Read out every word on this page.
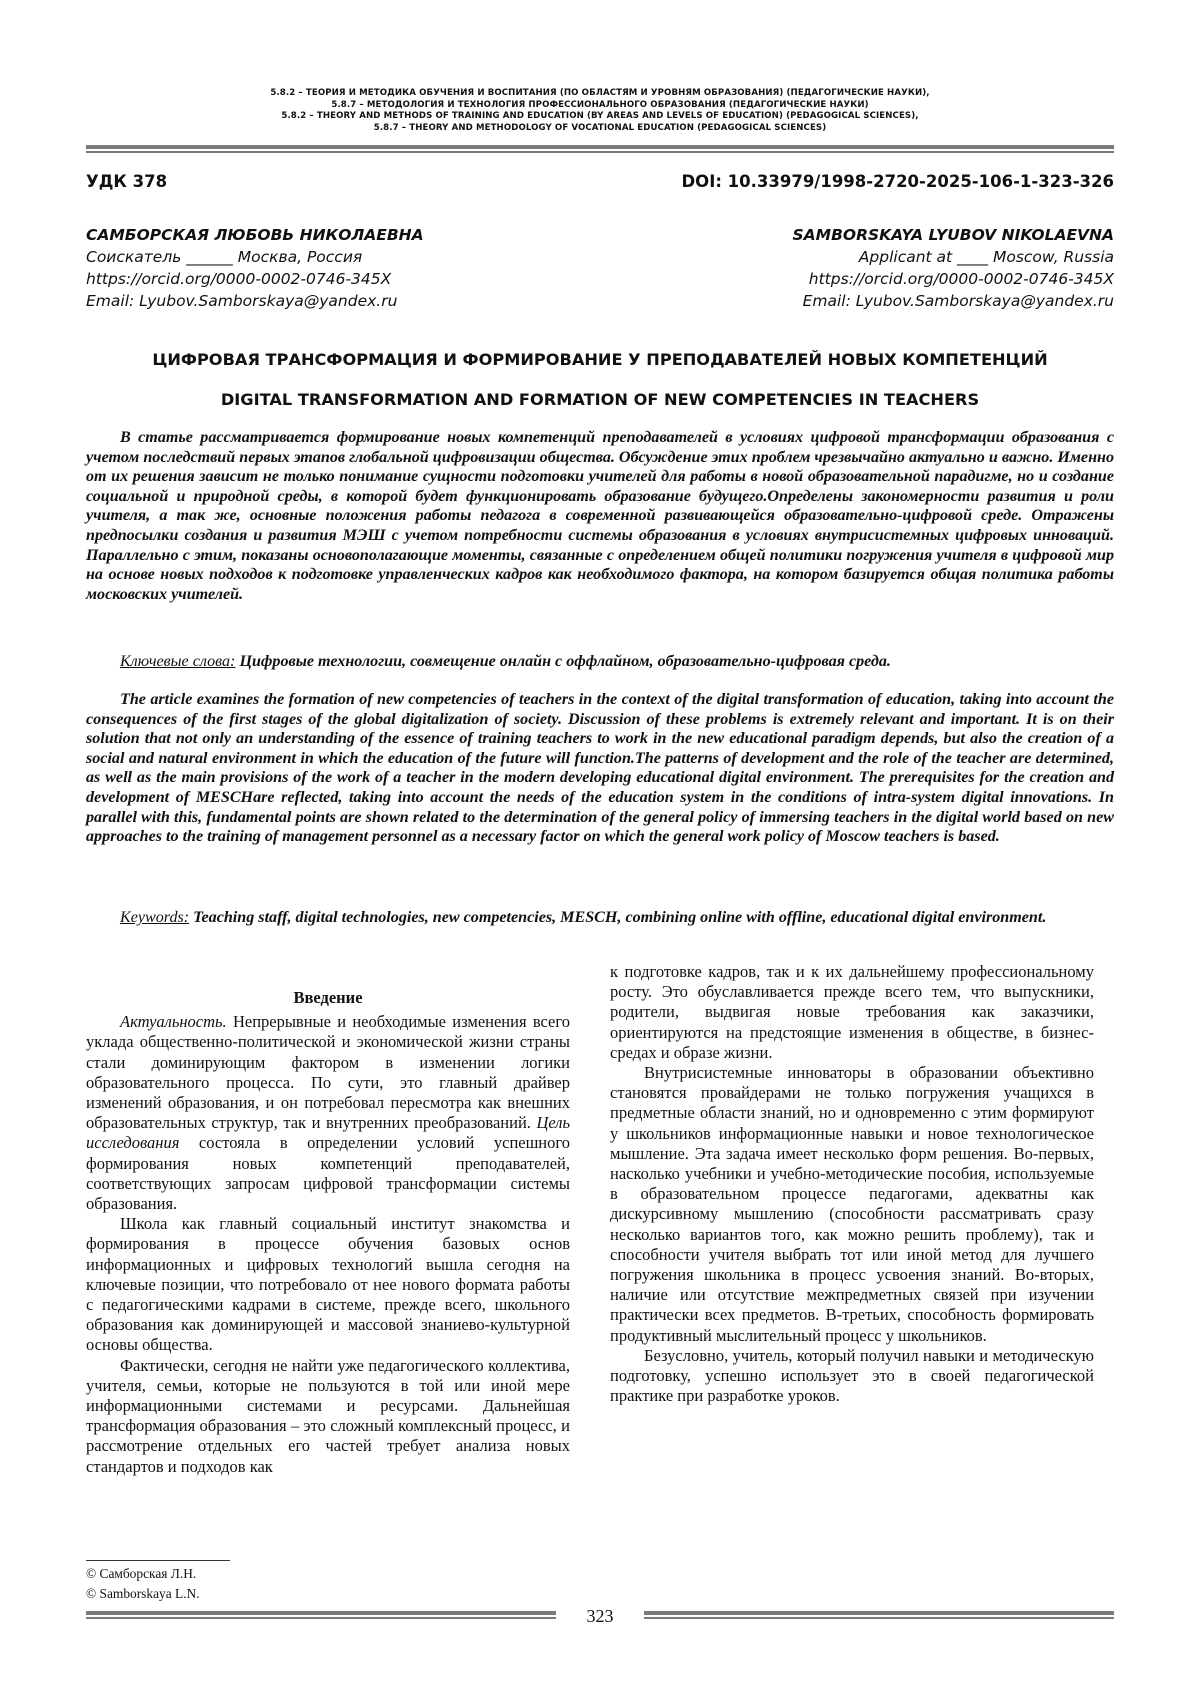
5.8.2 – ТЕОРИЯ И МЕТОДИКА ОБУЧЕНИЯ И ВОСПИТАНИЯ (ПО ОБЛАСТЯМ И УРОВНЯМ ОБРАЗОВАНИЯ) (ПЕДАГОГИЧЕСКИЕ НАУКИ),
5.8.7 – МЕТОДОЛОГИЯ И ТЕХНОЛОГИЯ ПРОФЕССИОНАЛЬНОГО ОБРАЗОВАНИЯ (ПЕДАГОГИЧЕСКИЕ НАУКИ)
5.8.2 – THEORY AND METHODS OF TRAINING AND EDUCATION (BY AREAS AND LEVELS OF EDUCATION) (PEDAGOGICAL SCIENCES),
5.8.7 – THEORY AND METHODOLOGY OF VOCATIONAL EDUCATION (PEDAGOGICAL SCIENCES)
УДК 378	DOI: 10.33979/1998-2720-2025-106-1-323-326
САМБОРСКАЯ ЛЮБОВЬ НИКОЛАЕВНА
Соискатель ______ Москва, Россия
https://orcid.org/0000-0002-0746-345X
Email: Lyubov.Samborskaya@yandex.ru
SAMBORSKAYA LYUBOV NIKOLAEVNA
Applicant at ____ Moscow, Russia
https://orcid.org/0000-0002-0746-345X
Email: Lyubov.Samborskaya@yandex.ru
ЦИФРОВАЯ ТРАНСФОРМАЦИЯ И ФОРМИРОВАНИЕ У ПРЕПОДАВАТЕЛЕЙ НОВЫХ КОМПЕТЕНЦИЙ
DIGITAL TRANSFORMATION AND FORMATION OF NEW COMPETENCIES IN TEACHERS

В статье рассматривается формирование новых компетенций преподавателей в условиях цифровой трансформации образования с учетом последствий первых этапов глобальной цифровизации общества. Обсуждение этих проблем чрезвычайно актуально и важно. Именно от их решения зависит не только понимание сущности подготовки учителей для работы в новой образовательной парадигме, но и создание социальной и природной среды, в которой будет функционировать образование будущего.Определены закономерности развития и роли учителя, а так же, основные положения работы педагога в современной развивающейся образовательно-цифровой среде. Отражены предпосылки создания и развития МЭШ с учетом потребности системы образования в условиях внутрисистемных цифровых инноваций. Параллельно с этим, показаны основополагающие моменты, связанные с определением общей политики погружения учителя в цифровой мир на основе новых подходов к подготовке управленческих кадров как необходимого фактора, на котором базируется общая политика работы московских учителей.

Ключевые слова: Цифровые технологии, совмещение онлайн с оффлайном, образовательно-цифровая среда.

The article examines the formation of new competencies of teachers in the context of the digital transformation of education, taking into account the consequences of the first stages of the global digitalization of society. Discussion of these problems is extremely relevant and important. It is on their solution that not only an understanding of the essence of training teachers to work in the new educational paradigm depends, but also the creation of a social and natural environment in which the education of the future will function.The patterns of development and the role of the teacher are determined, as well as the main provisions of the work of a teacher in the modern developing educational digital environment. The prerequisites for the creation and development of MESCHare reflected, taking into account the needs of the education system in the conditions of intra-system digital innovations. In parallel with this, fundamental points are shown related to the determination of the general policy of immersing teachers in the digital world based on new approaches to the training of management personnel as a necessary factor on which the general work policy of Moscow teachers is based.

Keywords: Teaching staff, digital technologies, new competencies, MESCH, combining online with offline, educational digital environment.

Введение

Актуальность. Непрерывные и необходимые изменения всего уклада общественно-политической и экономической жизни страны стали доминирующим фактором в изменении логики образовательного процесса. По сути, это главный драйвер изменений образования, и он потребовал пересмотра как внешних образовательных структур, так и внутренних преобразований. Цель исследования состояла в определении условий успешного формирования новых компетенций преподавателей, соответствующих запросам цифровой трансформации системы образования.

Школа как главный социальный институт знакомства и формирования в процессе обучения базовых основ информационных и цифровых технологий вышла сегодня на ключевые позиции, что потребовало от нее нового формата работы с педагогическими кадрами в системе, прежде всего, школьного образования как доминирующей и массовой знаниево-культурной основы общества.

Фактически, сегодня не найти уже педагогического коллектива, учителя, семьи, которые не пользуются в той или иной мере информационными системами и ресурсами. Дальнейшая трансформация образования – это сложный комплексный процесс, и рассмотрение отдельных его частей требует анализа новых стандартов и подходов как

к подготовке кадров, так и к их дальнейшему профессиональному росту. Это обуславливается прежде всего тем, что выпускники, родители, выдвигая новые требования как заказчики, ориентируются на предстоящие изменения в обществе, в бизнес-средах и образе жизни.

Внутрисистемные инноваторы в образовании объективно становятся провайдерами не только погружения учащихся в предметные области знаний, но и одновременно с этим формируют у школьников информационные навыки и новое технологическое мышление. Эта задача имеет несколько форм решения. Во-первых, насколько учебники и учебно-методические пособия, используемые в образовательном процессе педагогами, адекватны как дискурсивному мышлению (способности рассматривать сразу несколько вариантов того, как можно решить проблему), так и способности учителя выбрать тот или иной метод для лучшего погружения школьника в процесс усвоения знаний. Во-вторых, наличие или отсутствие межпредметных связей при изучении практически всех предметов. В-третьих, способность формировать продуктивный мыслительный процесс у школьников.

Безусловно, учитель, который получил навыки и методическую подготовку, успешно использует это в своей педагогической практике при разработке уроков.

© Самборская Л.Н.
© Samborskaya L.N.
323
